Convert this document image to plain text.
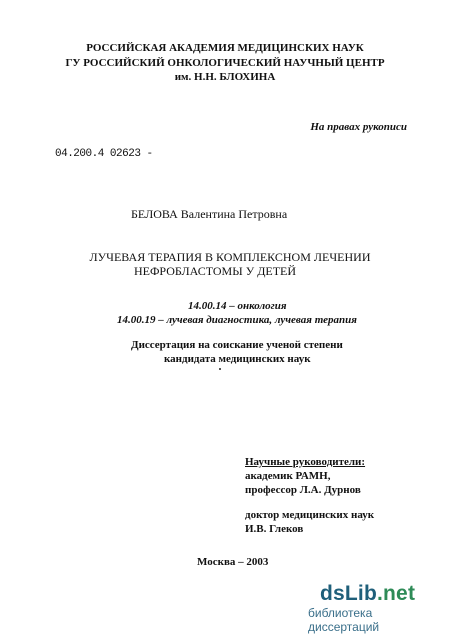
РОССИЙСКАЯ АКАДЕМИЯ МЕДИЦИНСКИХ НАУК
ГУ РОССИЙСКИЙ ОНКОЛОГИЧЕСКИЙ НАУЧНЫЙ ЦЕНТР
им. Н.Н. БЛОХИНА
На правах рукописи
04.200.4 02623 -
БЕЛОВА Валентина Петровна
ЛУЧЕВАЯ ТЕРАПИЯ В КОМПЛЕКСНОМ ЛЕЧЕНИИ
НЕФРОБЛАСТОМЫ У ДЕТЕЙ
14.00.14 – онкология
14.00.19 – лучевая диагностика, лучевая терапия
Диссертация на соискание ученой степени
кандидата медицинских наук
Научные руководители:
академик РАМН,
профессор Л.А. Дурнов
доктор медицинских наук
И.В. Глеков
Москва – 2003
dsLib.net
библиотека диссертаций
